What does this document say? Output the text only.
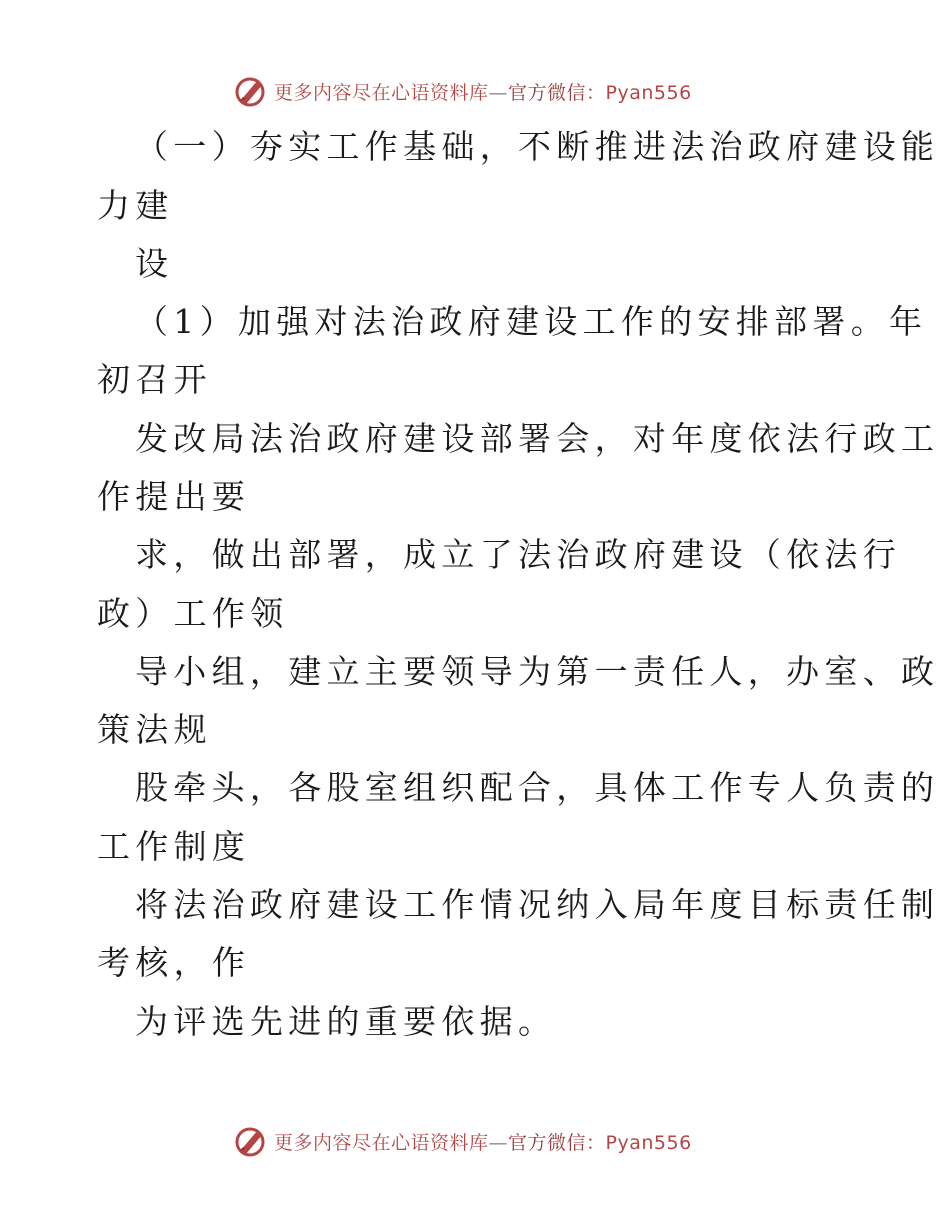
更多内容尽在心语资料库—官方微信：Pyan556
（一）夯实工作基础，不断推进法治政府建设能
力建
设
（1）加强对法治政府建设工作的安排部署。年
初召开
发改局法治政府建设部署会，对年度依法行政工
作提出要
求，做出部署，成立了法治政府建设（依法行
政）工作领
导小组，建立主要领导为第一责任人，办室、政
策法规
股牵头，各股室组织配合，具体工作专人负责的
工作制度
将法治政府建设工作情况纳入局年度目标责任制
考核，作
为评选先进的重要依据。
更多内容尽在心语资料库—官方微信：Pyan556
